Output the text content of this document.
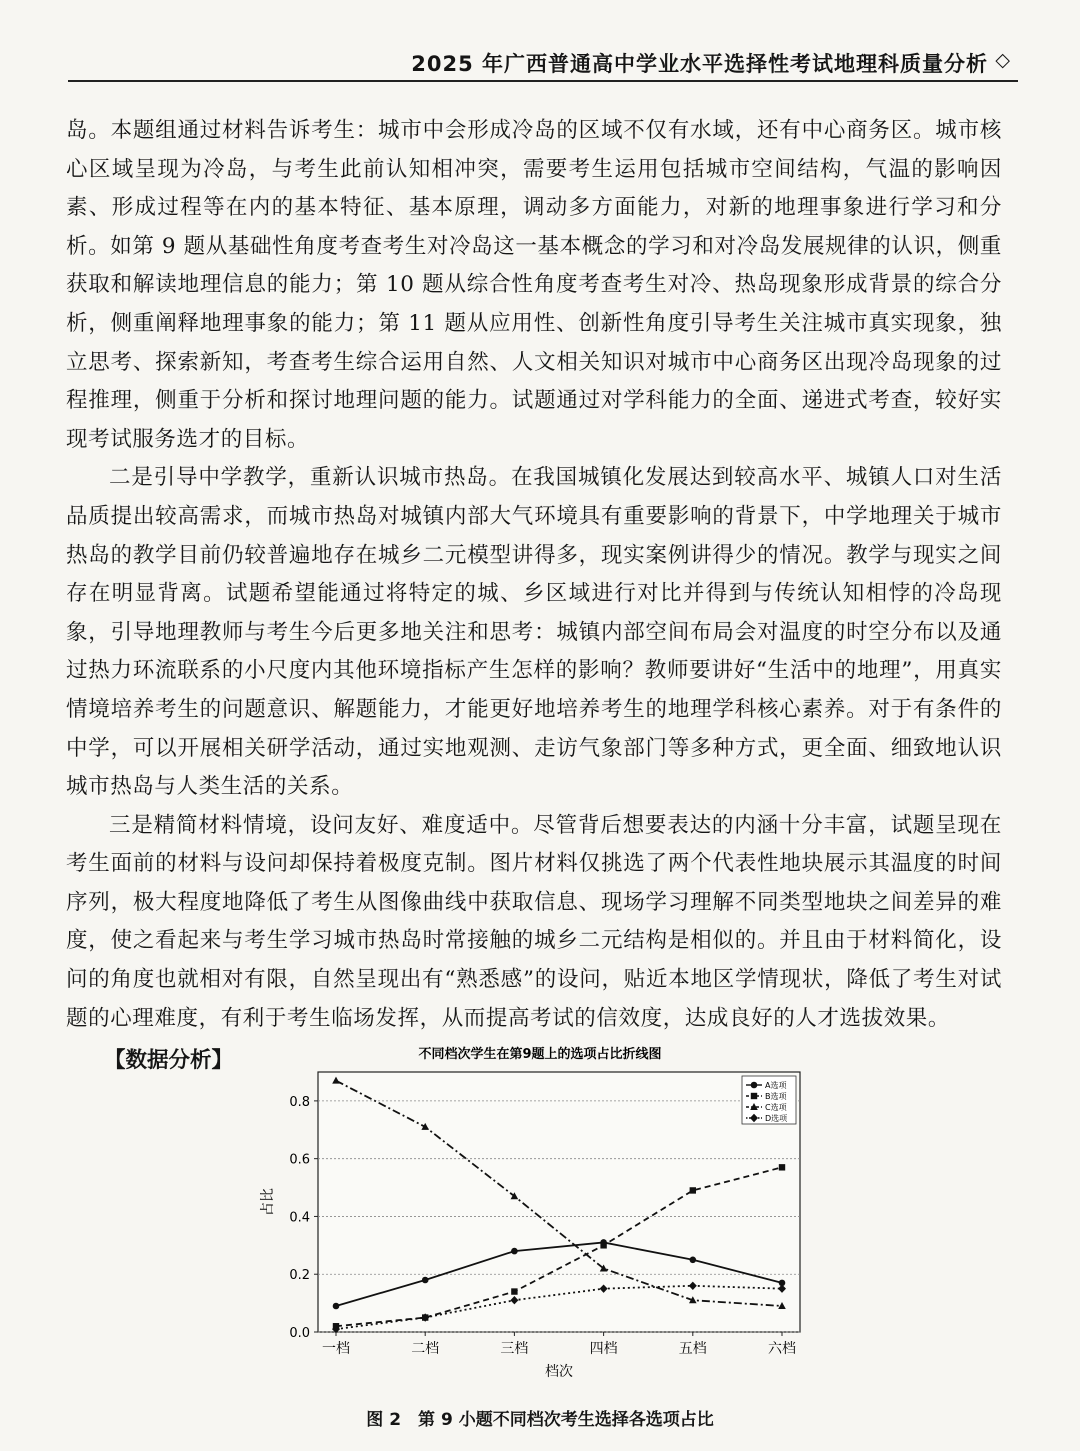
2025 年广西普通高中学业水平选择性考试地理科质量分析 ◇

岛。本题组通过材料告诉考生：城市中会形成冷岛的区域不仅有水域，还有中心商务区。城市核心区域呈现为冷岛，与考生此前认知相冲突，需要考生运用包括城市空间结构，气温的影响因素、形成过程等在内的基本特征、基本原理，调动多方面能力，对新的地理事象进行学习和分析。如第 9 题从基础性角度考查考生对冷岛这一基本概念的学习和对冷岛发展规律的认识，侧重获取和解读地理信息的能力；第 10 题从综合性角度考查考生对冷、热岛现象形成背景的综合分析，侧重阐释地理事象的能力；第 11 题从应用性、创新性角度引导考生关注城市真实现象，独立思考、探索新知，考查考生综合运用自然、人文相关知识对城市中心商务区出现冷岛现象的过程推理，侧重于分析和探讨地理问题的能力。试题通过对学科能力的全面、递进式考查，较好实现考试服务选才的目标。

二是引导中学教学，重新认识城市热岛。在我国城镇化发展达到较高水平、城镇人口对生活品质提出较高需求，而城市热岛对城镇内部大气环境具有重要影响的背景下，中学地理关于城市热岛的教学目前仍较普遍地存在城乡二元模型讲得多，现实案例讲得少的情况。教学与现实之间存在明显背离。试题希望能通过将特定的城、乡区域进行对比并得到与传统认知相悖的冷岛现象，引导地理教师与考生今后更多地关注和思考：城镇内部空间布局会对温度的时空分布以及通过热力环流联系的小尺度内其他环境指标产生怎样的影响？教师要讲好“生活中的地理”，用真实情境培养考生的问题意识、解题能力，才能更好地培养考生的地理学科核心素养。对于有条件的中学，可以开展相关研学活动，通过实地观测、走访气象部门等多种方式，更全面、细致地认识城市热岛与人类生活的关系。

三是精简材料情境，设问友好、难度适中。尽管背后想要表达的内涵十分丰富，试题呈现在考生面前的材料与设问却保持着极度克制。图片材料仅挑选了两个代表性地块展示其温度的时间序列，极大程度地降低了考生从图像曲线中获取信息、现场学习理解不同类型地块之间差异的难度，使之看起来与考生学习城市热岛时常接触的城乡二元结构是相似的。并且由于材料简化，设问的角度也就相对有限，自然呈现出有“熟悉感”的设问，贴近本地区学情现状，降低了考生对试题的心理难度，有利于考生临场发挥，从而提高考试的信效度，达成良好的人才选拔效果。

【数据分析】	不同档次学生在第9题上的选项占比折线图
占比
档次
0.0
0.2
0.4
0.6
0.8
一档	二档	三档	四档	五档	六档
A选项
B选项
C选项
D选项
图 2　第 9 小题不同档次考生选择各选项占比
